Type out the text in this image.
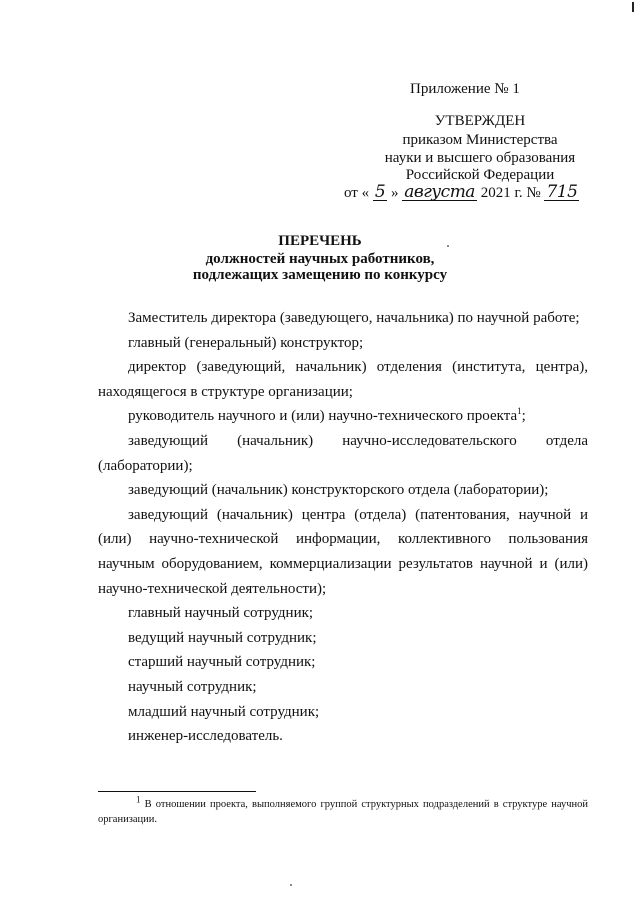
Приложение № 1
УТВЕРЖДЕН
приказом Министерства
науки и высшего образования
Российской Федерации
от « 5 » августа 2021 г. № 715
ПЕРЕЧЕНЬ
должностей научных работников,
подлежащих замещению по конкурсу

Заместитель директора (заведующего, начальника) по научной работе;

главный (генеральный) конструктор;

директор (заведующий, начальник) отделения (института, центра), находящегося в структуре организации;

руководитель научного и (или) научно-технического проекта$^1$;

заведующий (начальник) научно-исследовательского отдела (лаборатории);

заведующий (начальник) конструкторского отдела (лаборатории);

заведующий (начальник) центра (отдела) (патентования, научной и (или) научно-технической информации, коллективного пользования научным оборудованием, коммерциализации результатов научной и (или) научно-технической деятельности);

главный научный сотрудник;

ведущий научный сотрудник;

старший научный сотрудник;

научный сотрудник;

младший научный сотрудник;

инженер-исследователь.

$^1$ В отношении проекта, выполняемого группой структурных подразделений в структуре научной организации.
